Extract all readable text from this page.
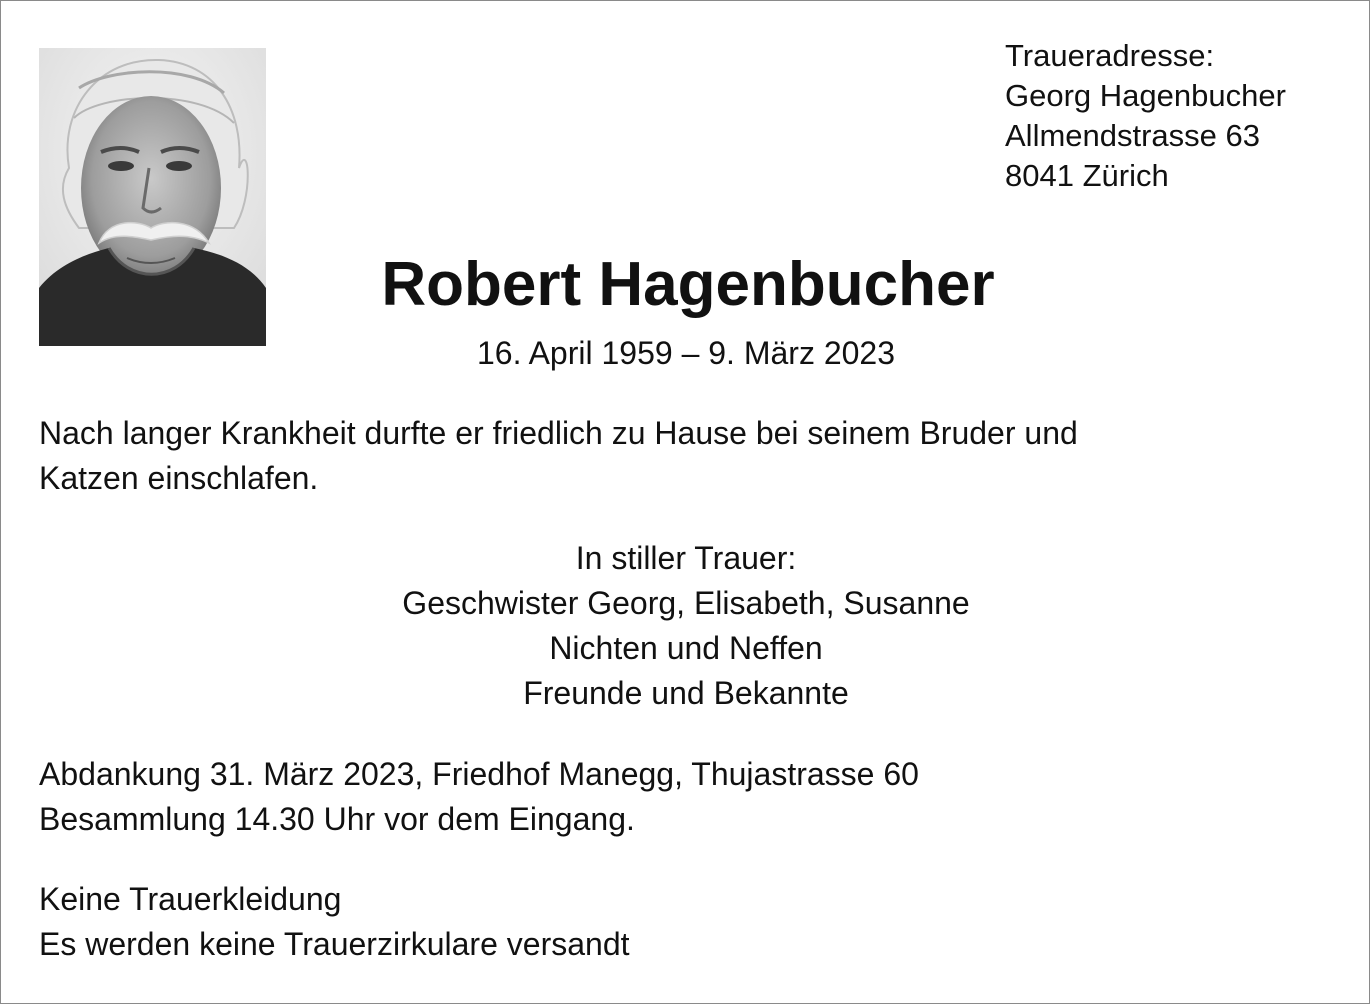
Traueradresse:
Georg Hagenbucher
Allmendstrasse 63
8041 Zürich
Robert Hagenbucher
16. April 1959 – 9. März 2023
Nach langer Krankheit durfte er friedlich zu Hause bei seinem Bruder und
Katzen einschlafen.
In stiller Trauer:
Geschwister Georg, Elisabeth, Susanne
Nichten und Neffen
Freunde und Bekannte
Abdankung 31. März 2023, Friedhof Manegg, Thujastrasse 60
Besammlung 14.30 Uhr vor dem Eingang.
Keine Trauerkleidung
Es werden keine Trauerzirkulare versandt
